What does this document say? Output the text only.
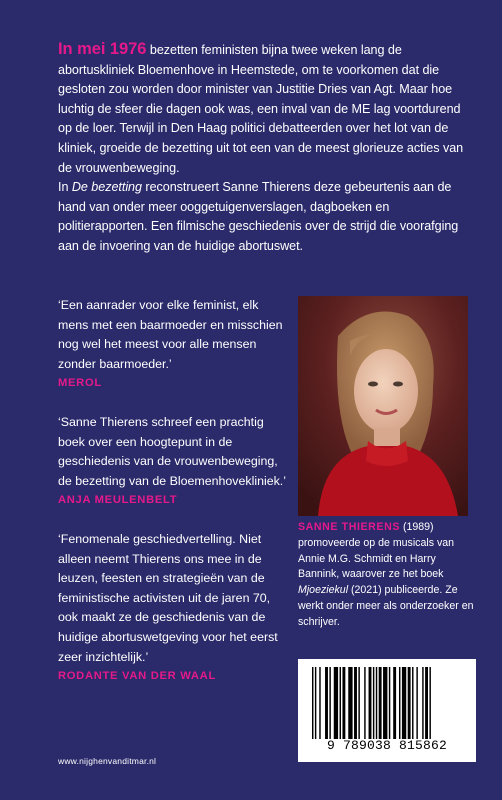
In mei 1976 bezetten feministen bijna twee weken lang de abortuskliniek Bloemenhove in Heemstede, om te voorkomen dat die gesloten zou worden door minister van Justitie Dries van Agt. Maar hoe luchtig de sfeer die dagen ook was, een inval van de ME lag voortdurend op de loer. Terwijl in Den Haag politici debatteerden over het lot van de kliniek, groeide de bezetting uit tot een van de meest glorieuze acties van de vrouwenbeweging.

In De bezetting reconstrueert Sanne Thierens deze gebeurtenis aan de hand van onder meer ooggetuigenverslagen, dagboeken en politierapporten. Een filmische geschiedenis over de strijd die voorafging aan de invoering van de huidige abortuswet.

‘Een aanrader voor elke feminist, elk mens met een baarmoeder en misschien nog wel het meest voor alle mensen zonder baarmoeder.’
MEROL
‘Sanne Thierens schreef een prachtig boek over een hoogtepunt in de geschiedenis van de vrouwenbeweging, de bezetting van de Bloemenhovekliniek.’
ANJA MEULENBELT
‘Fenomenale geschiedvertelling. Niet alleen neemt Thierens ons mee in de leuzen, feesten en strategieën van de feministische activisten uit de jaren 70, ook maakt ze de geschiedenis van de huidige abortuswetgeving voor het eerst zeer inzichtelijk.’
RODANTE VAN DER WAAL
SANNE THIERENS (1989) promoveerde op de musicals van Annie M.G. Schmidt en Harry Bannink, waarover ze het boek Mjoeziekul (2021) publiceerde. Ze werkt onder meer als onderzoeker en schrijver.
9 789038 815862
www.nijghenvanditmar.nl
